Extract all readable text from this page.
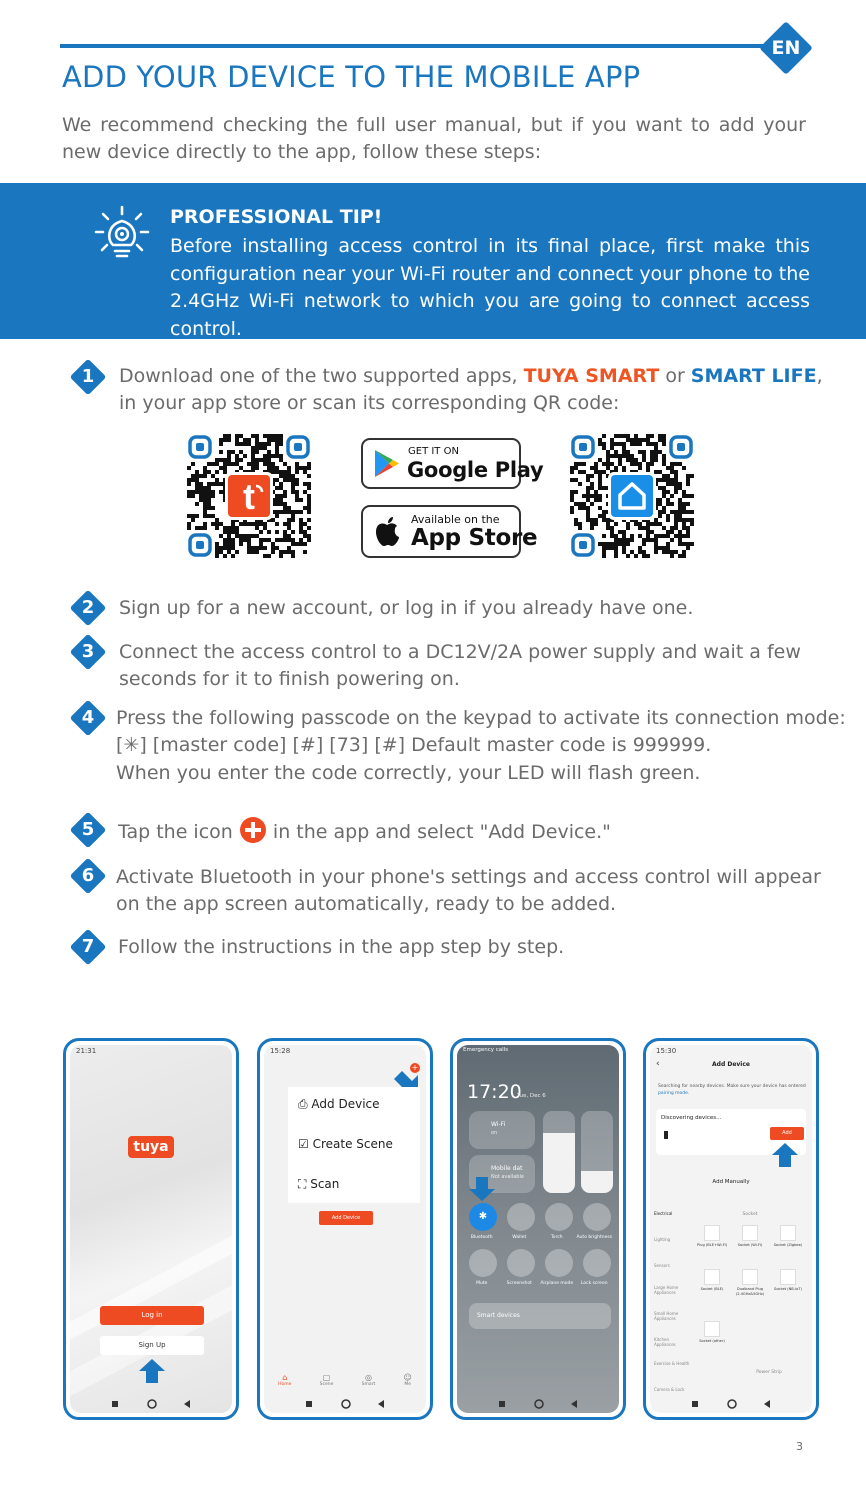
EN
ADD YOUR DEVICE TO THE MOBILE APP
We recommend checking the full user manual, but if you want to add your new device directly to the app, follow these steps:
PROFESSIONAL TIP!
Before installing access control in its final place, first make this configuration near your Wi-Fi router and connect your phone to the 2.4GHz Wi-Fi network to which you are going to connect access control.
1	Download one of the two supported apps, TUYA SMART or SMART LIFE,
in your app store or scan its corresponding QR code:
t
GET IT ON
Google Play
Available on the
App Store
2	Sign up for a new account, or log in if you already have one.
3	Connect the access control to a DC12V/2A power supply and wait a few
seconds for it to finish powering on.
4	Press the following passcode on the keypad to activate its connection mode:
[✳] [master code] [#] [73] [#] Default master code is 999999.
When you enter the code correctly, your LED will flash green.
5	Tap the icon in the app and select "Add Device."
6	Activate Bluetooth in your phone's settings and access control will appear
on the app screen automatically, ready to be added.
7	Follow the instructions in the app step by step.
21:31
tuya
Log in
Sign Up
15:28
+
⎙ Add Device
☑ Create Scene
⛶ Scan
Add Device
⌂
Home
▢
Scene
◎
Smart
☺
Me
Emergency calls
17:20
Tue, Dec 6
Wi-Fi
on
Mobile dat
Not available
✱
Bluetooth	Wallet	Torch	Auto brightness
Mute	Screenshot	Airplane mode	Lock screen
Smart devices
15:30
‹	Add Device
Searching for nearby devices. Make sure your device has entered pairing mode.
Discovering devices...
Add
Add Manually
Electrical
Lighting
Sensors
Large Home Appliances
Small Home Appliances
Kitchen Appliances
Exercise & Health
Camera & Lock
Socket
Plug (BLE+Wi-Fi)	Socket (Wi-Fi)	Socket (Zigbee)
Socket (BLE)	Dualband Plug (2.4GHz&5GHz)
Socket (NB-IoT)
Socket (other)
Power Strip
3
